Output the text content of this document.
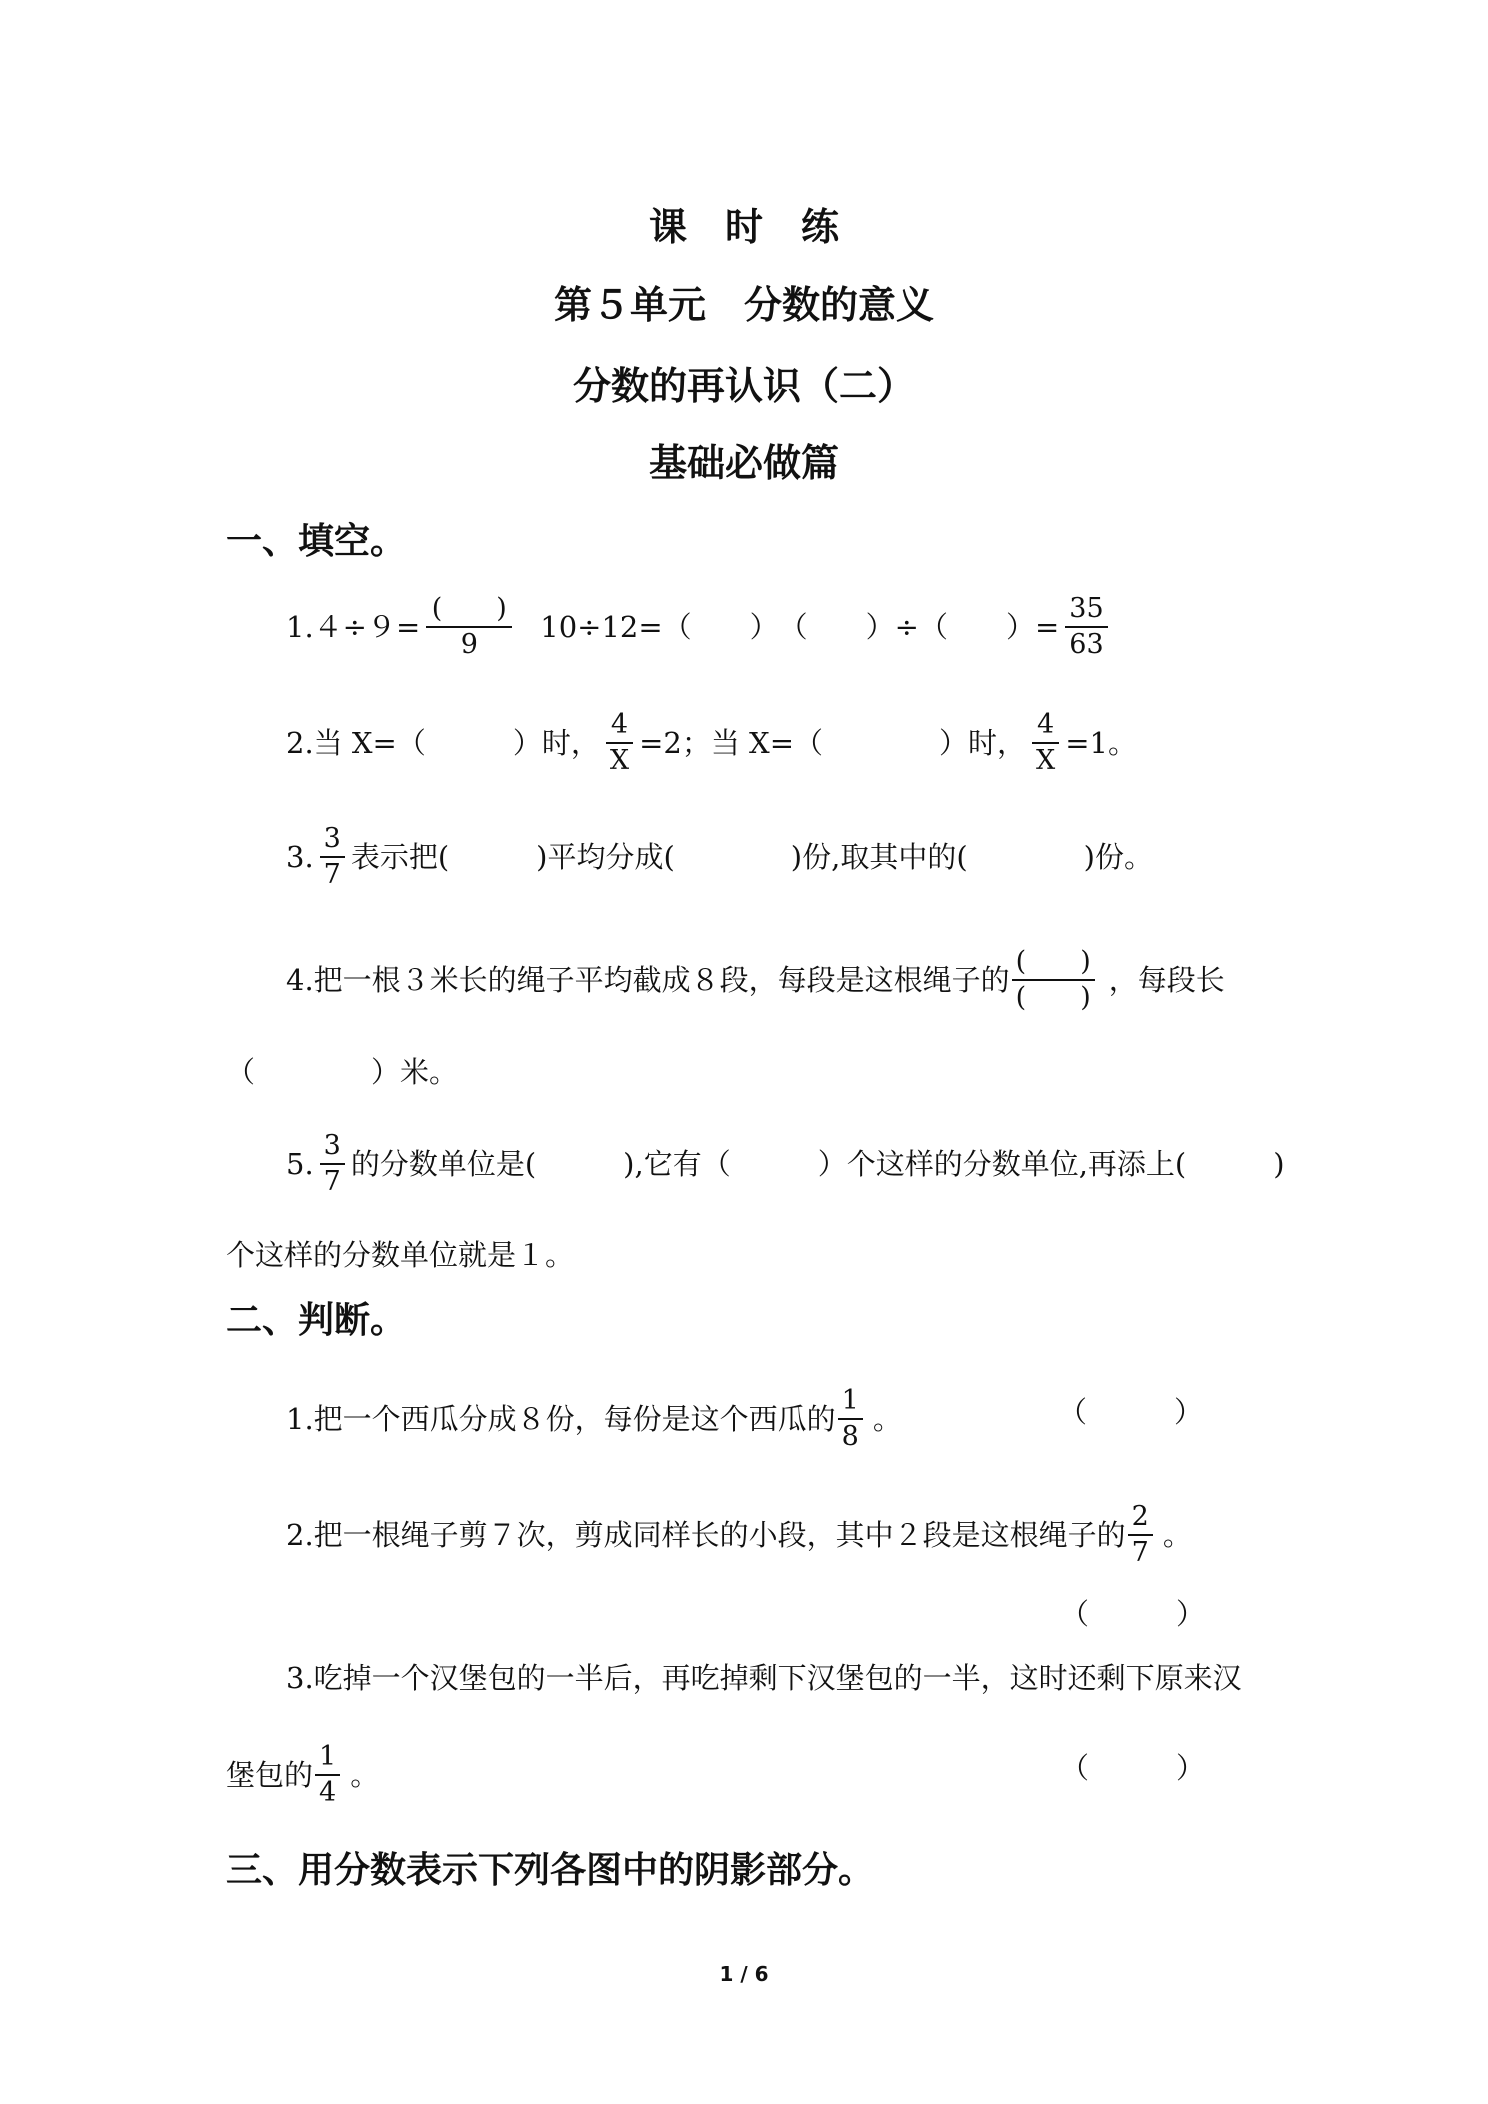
课　时　练
第５单元　分数的意义
分数的再认识（二）
基础必做篇
一、填空。
$1.4\div 9= \frac{( )}{9} 10\div 12=$（　　）　（　　）÷（　　）= $\frac{35}{63}$
2.当 X=（　　　）时， $\frac{4}{X} =2$；当 X=（　　　　）时， $\frac{4}{X} =1$。
3. $\frac{3}{7}$ 表示把(　　　)平均分成(　　　　)份,取其中的(　　　　)份。
4.把一根３米长的绳子平均截成８段，每段是这根绳子的 $\frac{( )}{( )}$ ，每段长
（　　　　）米。
5. $\frac{3}{7}$ 的分数单位是(　　　),它有（　　　）个这样的分数单位,再添上(　　　)
个这样的分数单位就是１。
二、判断。
1.把一个西瓜分成８份，每份是这个西瓜的 $\frac{1}{8}$ 。	（　　　）
2.把一根绳子剪７次，剪成同样长的小段，其中２段是这根绳子的 $\frac{2}{7}$ 。
（　　　）
3.吃掉一个汉堡包的一半后，再吃掉剩下汉堡包的一半，这时还剩下原来汉
堡包的 $\frac{1}{4}$ 。	（　　　）
三、用分数表示下列各图中的阴影部分。
1 / 6
